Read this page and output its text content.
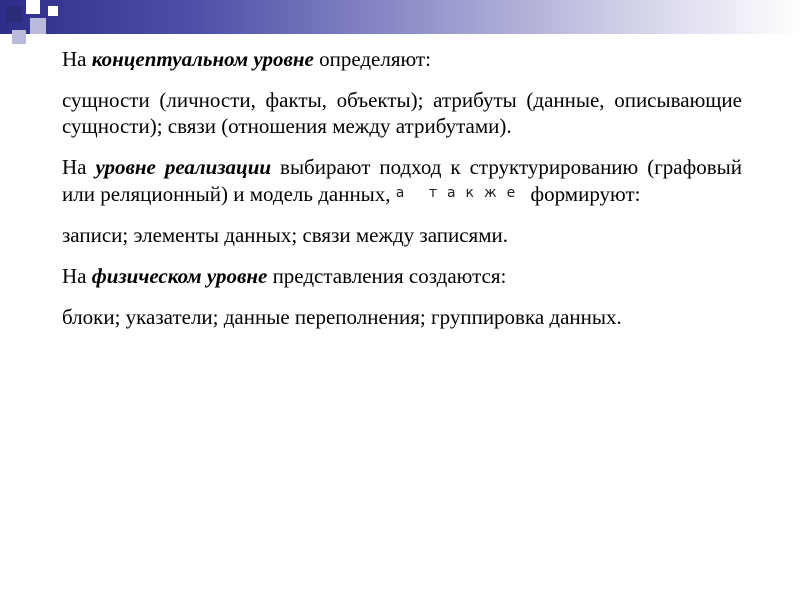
На концептуальном уровне определяют:

сущности (личности, факты, объекты); атрибуты (данные, описывающие сущности); связи (отношения между атрибутами).

На уровне реализации выбирают подход к структурированию (графовый или реляционный) и модель данных, а также формируют:

записи; элементы данных; связи между записями.

На физическом уровне представления создаются:

блоки; указатели; данные переполнения; группировка данных.
